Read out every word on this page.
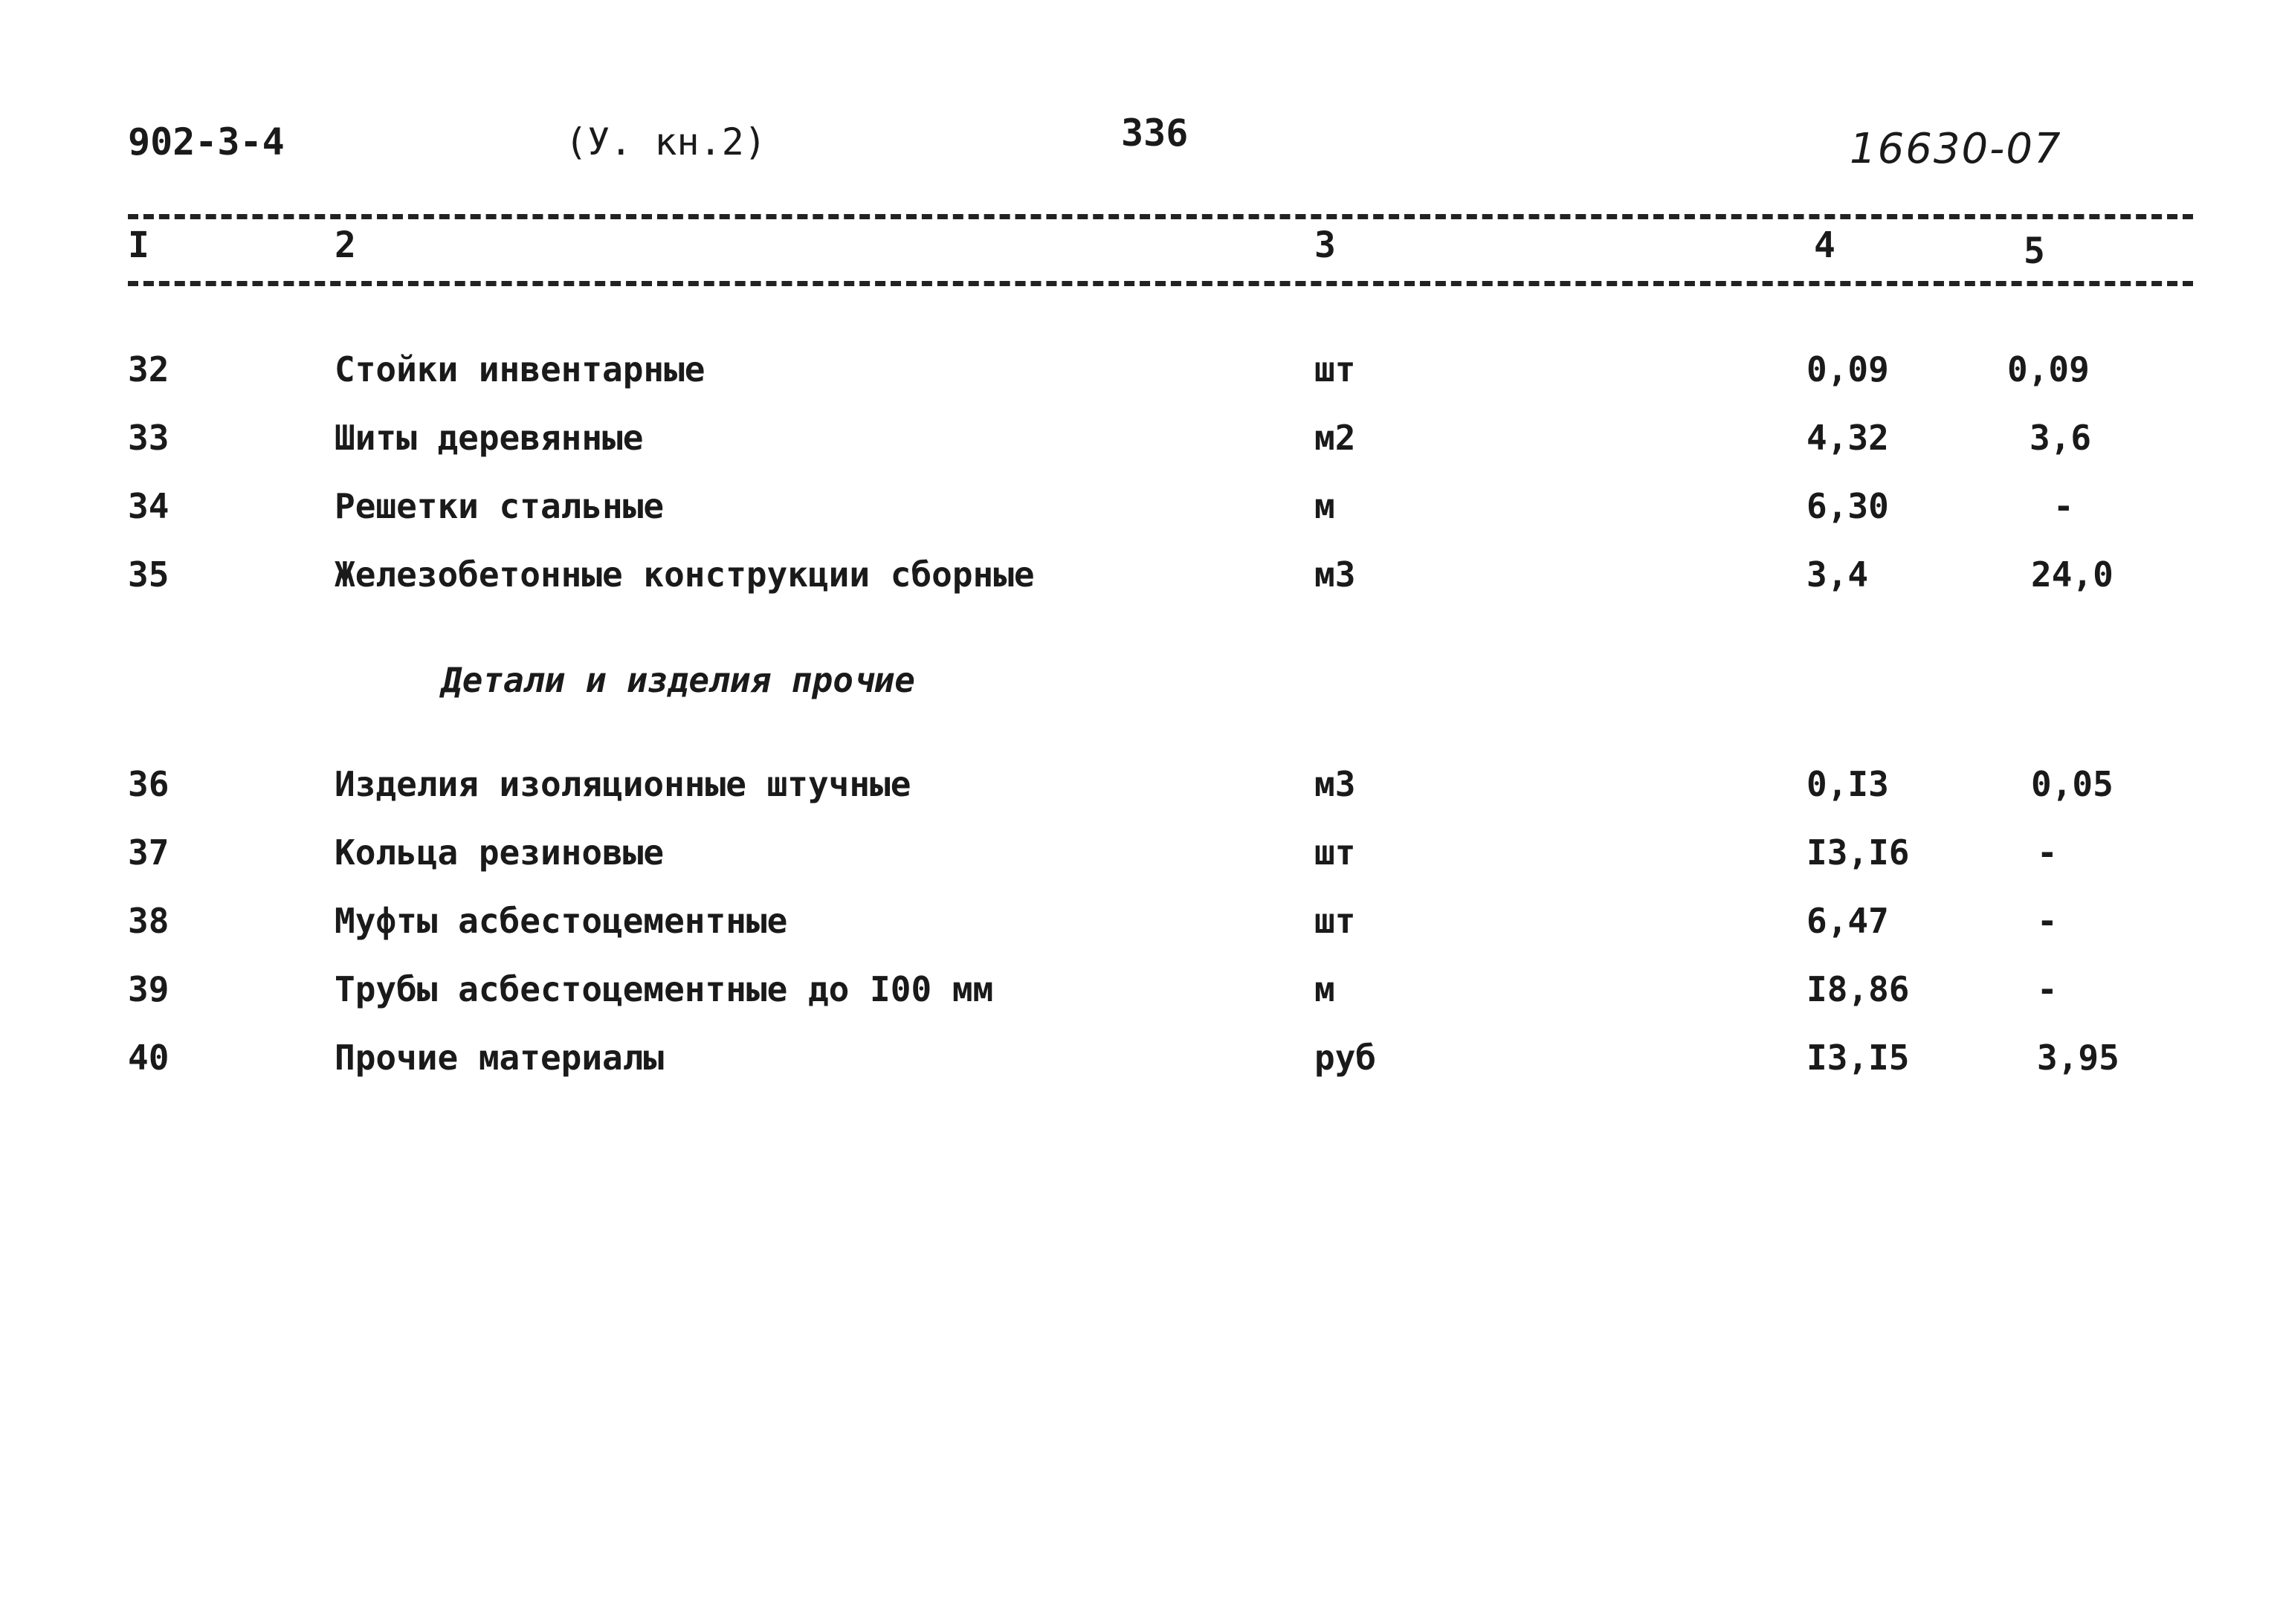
902-3-4	(У. кн.2)	336	16630-07
I	2	3	4	5
32	Стойки инвентарные	шт	0,09	0,09
33	Шиты деревянные	м2	4,32	3,6
34	Решетки стальные	м	6,30	-
35	Железобетонные конструкции сборные	м3	3,4	24,0
Детали и изделия прочие
36	Изделия изоляционные штучные	м3	0,I3	0,05
37	Кольца резиновые	шт	I3,I6	-
38	Муфты асбестоцементные	шт	6,47	-
39	Трубы асбестоцементные до I00 мм	м	I8,86	-
40	Прочие материалы	руб	I3,I5	3,95
